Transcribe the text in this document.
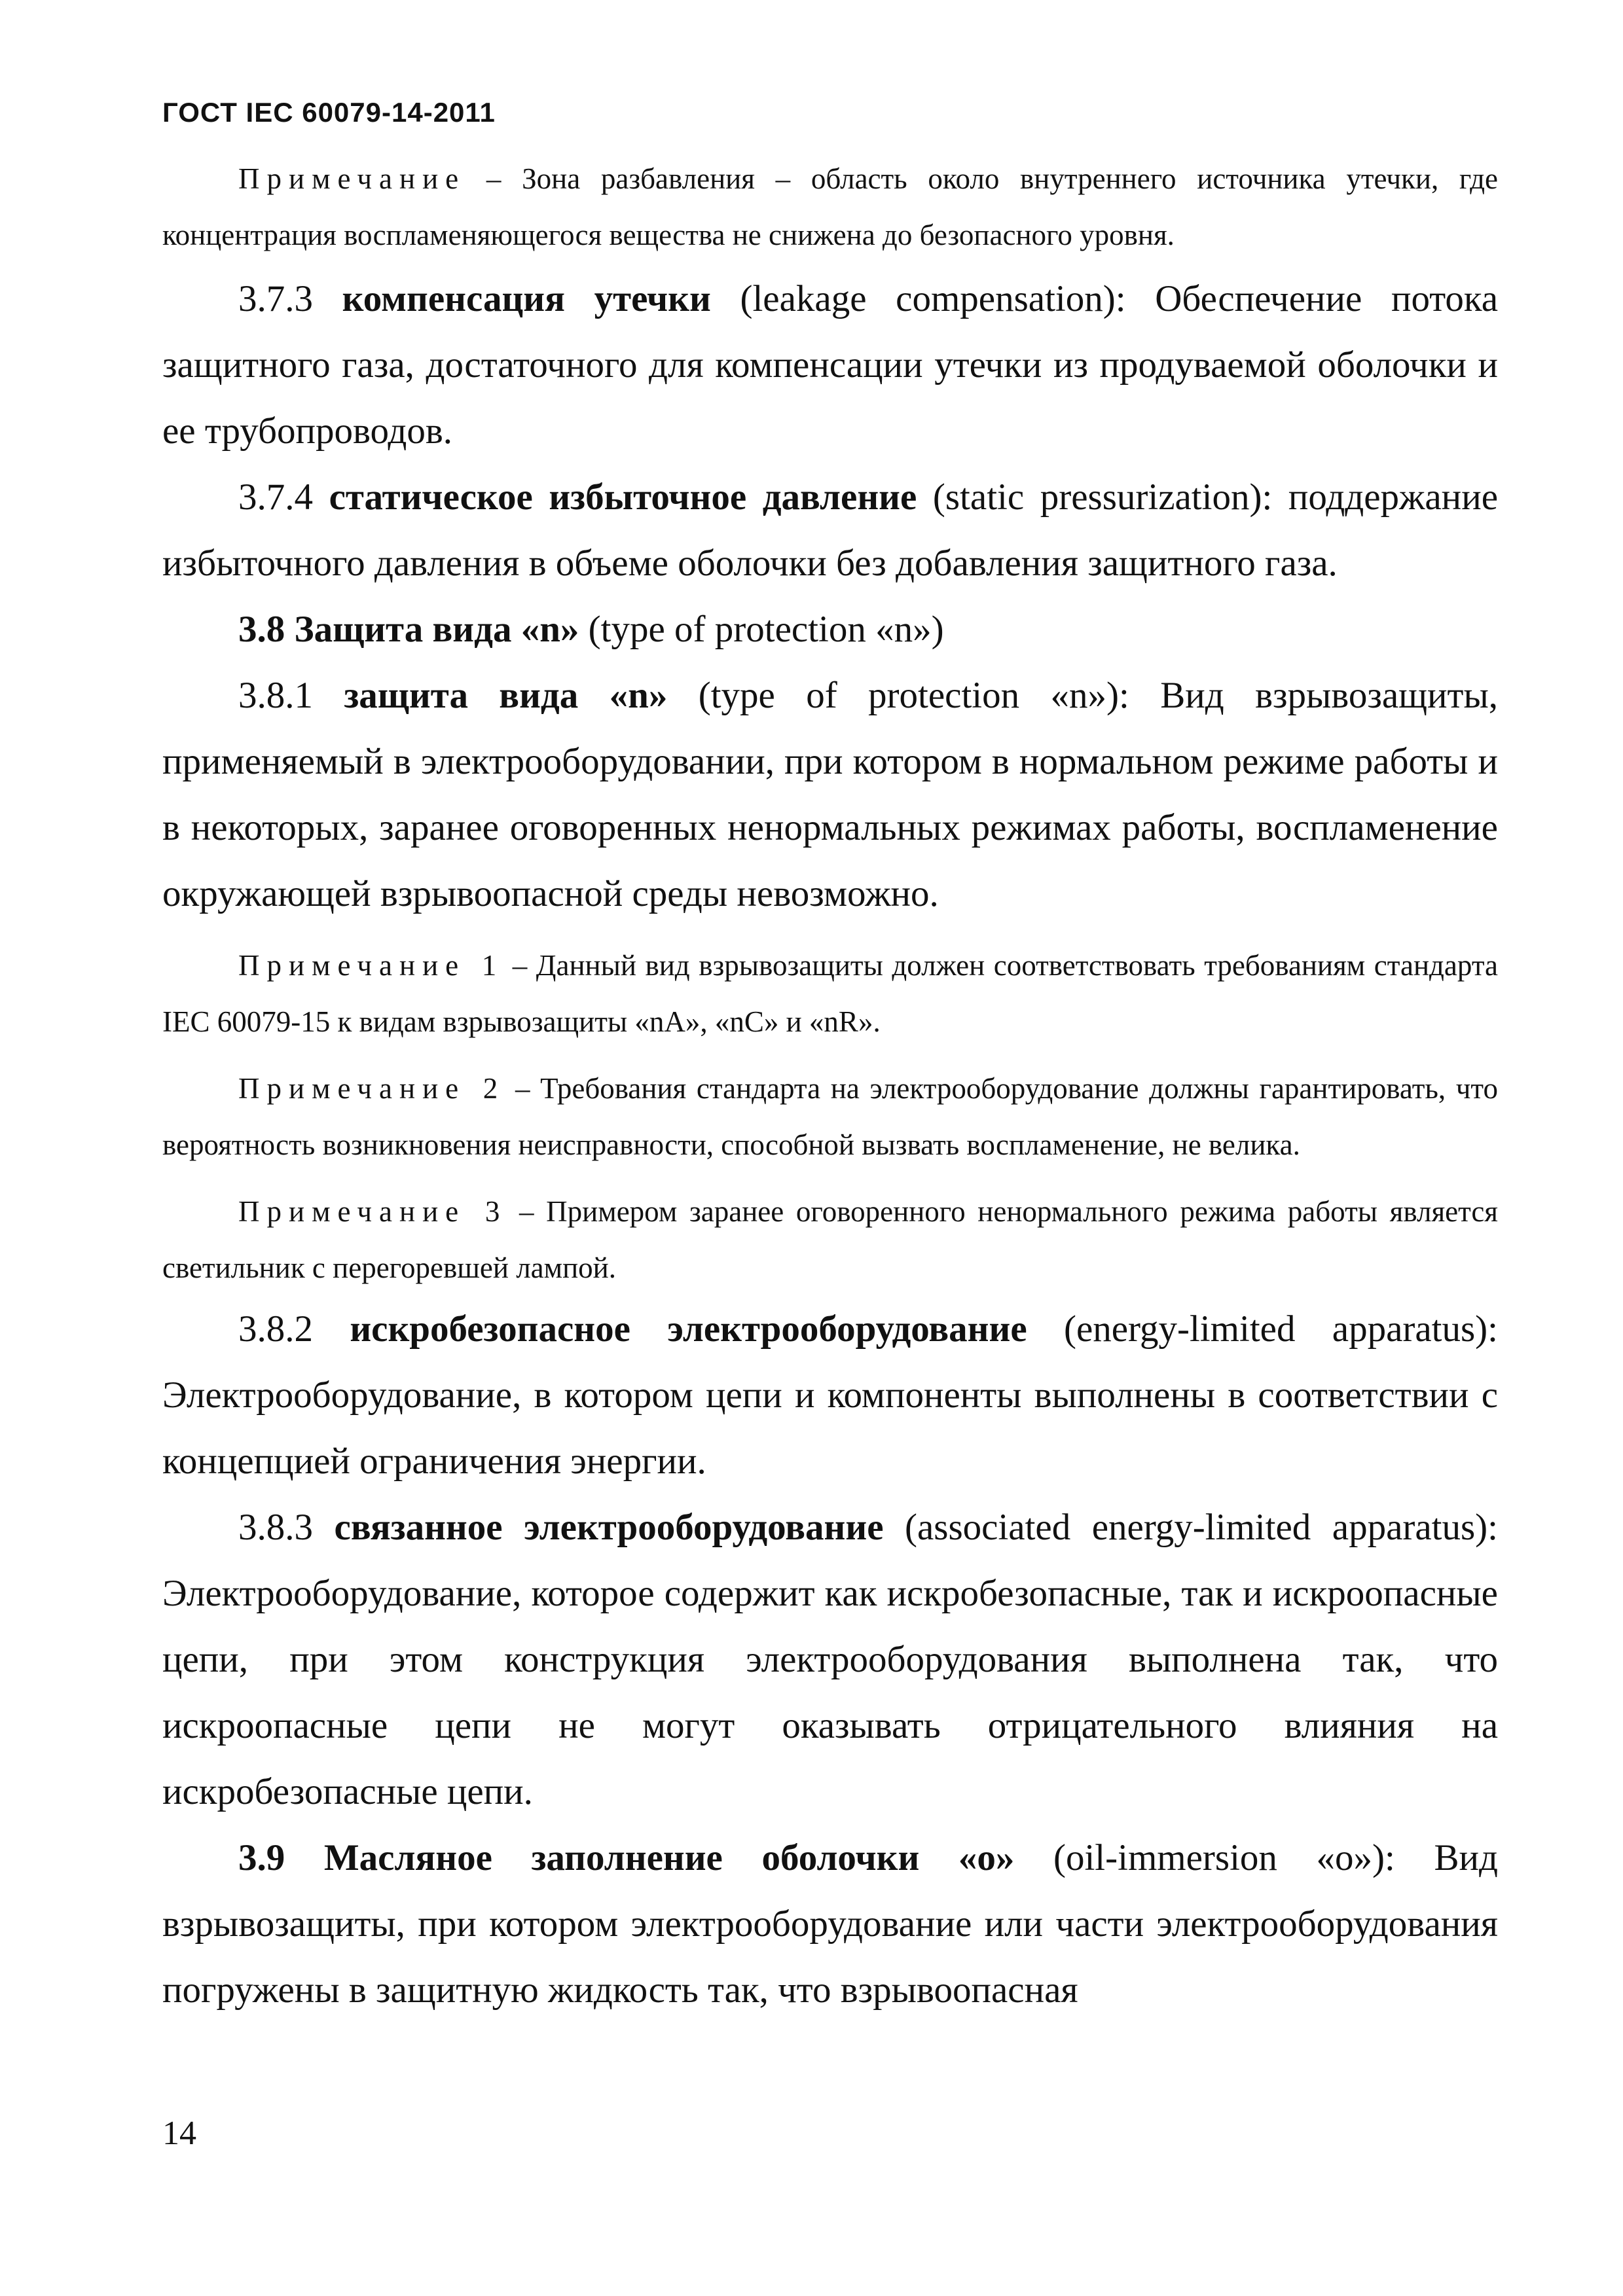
ГОСТ IEC 60079-14-2011

Примечание – Зона разбавления – область около внутреннего источника утечки, где концентрация воспламеняющегося вещества не снижена до безопасного уровня.

3.7.3 компенсация утечки (leakage compensation): Обеспечение потока защитного газа, достаточного для компенсации утечки из продуваемой оболочки и ее трубопроводов.

3.7.4 статическое избыточное давление (static pressurization): поддержание избыточного давления в объеме оболочки без добавления защитного газа.

3.8 Защита вида «n» (type of protection «n»)

3.8.1 защита вида «n» (type of protection «n»): Вид взрывозащиты, применяемый в электрооборудовании, при котором в нормальном режиме работы и в некоторых, заранее оговоренных ненормальных режимах работы, воспламенение окружающей взрывоопасной среды невозможно.

Примечание 1 – Данный вид взрывозащиты должен соответствовать требованиям стандарта IEC 60079-15 к видам взрывозащиты «nA», «nC» и «nR».

Примечание 2 – Требования стандарта на электрооборудование должны гарантировать, что вероятность возникновения неисправности, способной вызвать воспламенение, не велика.

Примечание 3 – Примером заранее оговоренного ненормального режима работы является светильник с перегоревшей лампой.

3.8.2 искробезопасное электрооборудование (energy-limited apparatus): Электрооборудование, в котором цепи и компоненты выполнены в соответствии с концепцией ограничения энергии.

3.8.3 связанное электрооборудование (associated energy-limited apparatus): Электрооборудование, которое содержит как искробезопасные, так и искроопасные цепи, при этом конструкция электрооборудования выполнена так, что искроопасные цепи не могут оказывать отрицательного влияния на искробезопасные цепи.

3.9 Масляное заполнение оболочки «o» (oil-immersion «o»): Вид взрывозащиты, при котором электрооборудование или части электрооборудования погружены в защитную жидкость так, что взрывоопасная

14
